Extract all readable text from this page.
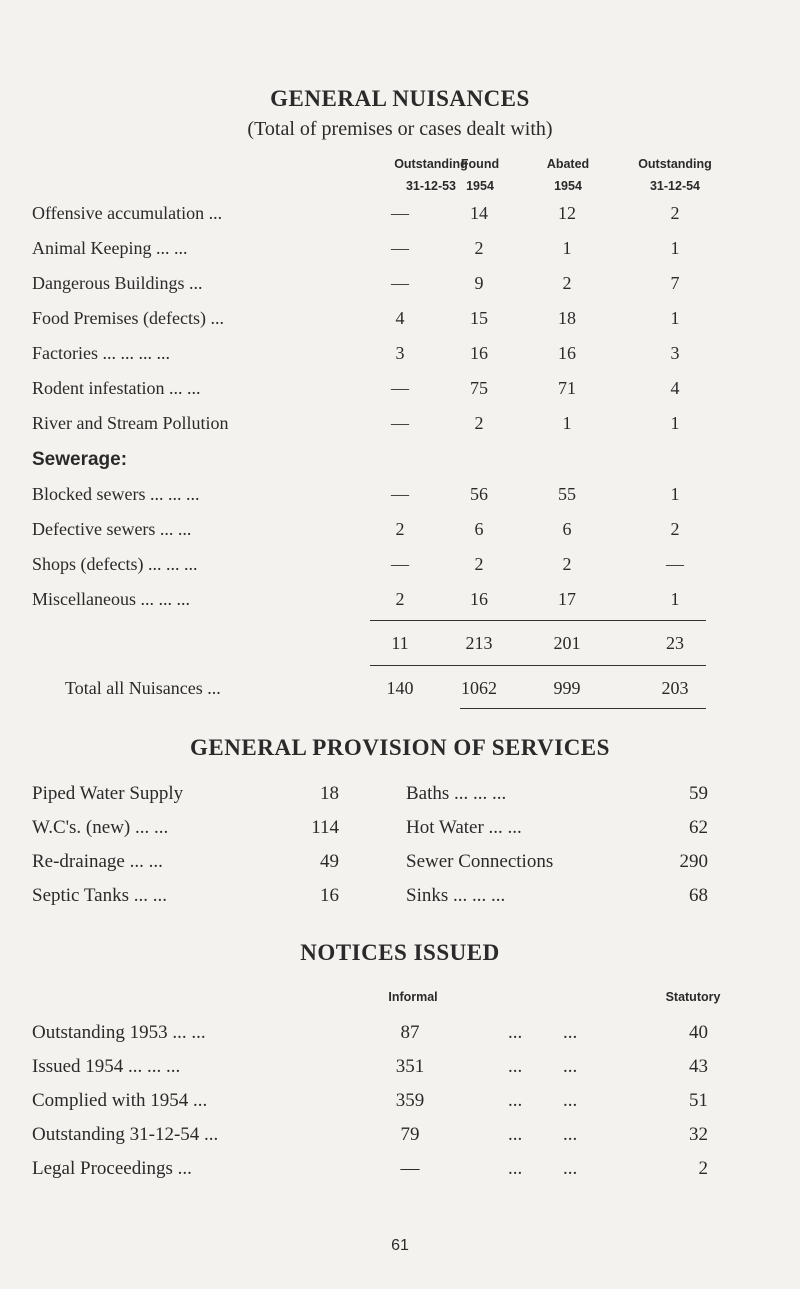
GENERAL NUISANCES
(Total of premises or cases dealt with)
Outstanding
31-12-53
Found
1954
Abated
1954
Outstanding
31-12-54
Offensive accumulation ...	—	14	12	2
Animal Keeping ... ...	—	2	1	1
Dangerous Buildings ...	—	9	2	7
Food Premises (defects) ...	4	15	18	1
Factories ... ... ... ...	3	16	16	3
Rodent infestation ... ...	—	75	71	4
River and Stream Pollution	—	2	1	1
Sewerage:
Blocked sewers ... ... ...	—	56	55	1
Defective sewers ... ...	2	6	6	2
Shops (defects) ... ... ...	—	2	2	—
Miscellaneous ... ... ...	2	16	17	1
11	213	201	23
Total all Nuisances ...	140	1062	999	203
GENERAL PROVISION OF SERVICES
Piped Water Supply	18
W.C's. (new) ... ...	114
Re-drainage ... ...	49
Septic Tanks ... ...	16
Baths ... ... ...	59
Hot Water ... ...	62
Sewer Connections	290
Sinks ... ... ...	68
NOTICES ISSUED
Informal	Statutory
Outstanding 1953 ... ...	87	... ...	40
Issued 1954 ... ... ...	351	... ...	43
Complied with 1954 ...	359	... ...	51
Outstanding 31-12-54 ...	79	... ...	32
Legal Proceedings ...	—	... ...	2
61
